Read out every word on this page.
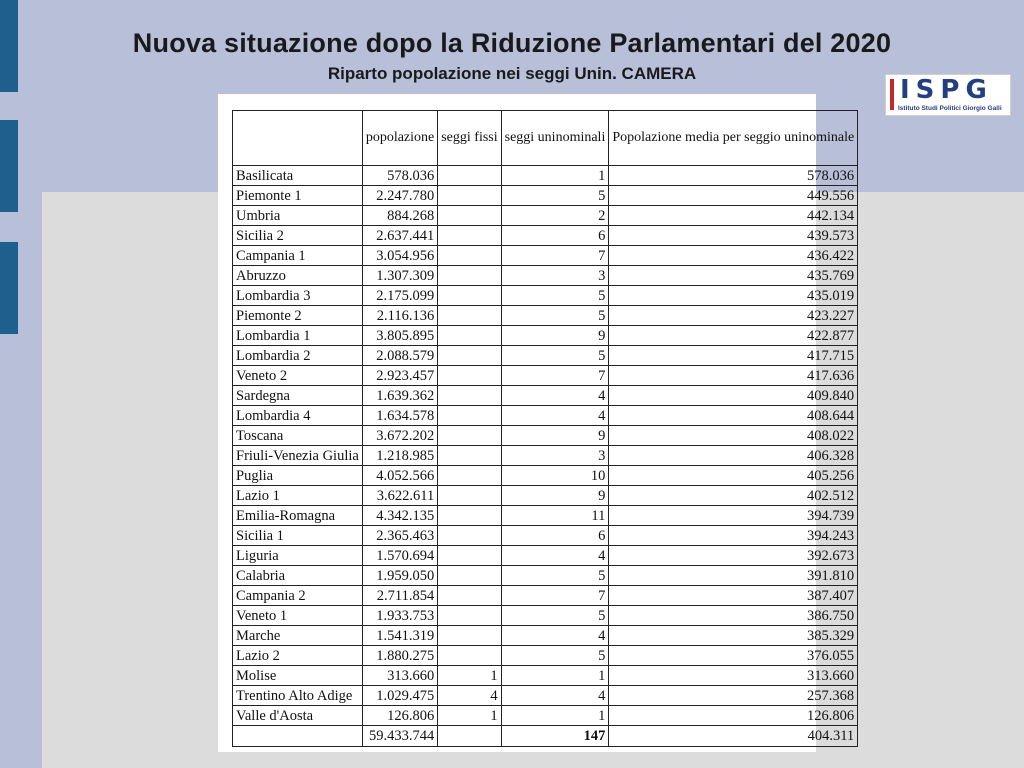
Nuova situazione dopo la Riduzione Parlamentari del 2020
Riparto popolazione nei seggi Unin. CAMERA
ISPG
Istituto Studi Politici Giorgio Galli
	popolazione	seggi fissi	seggi uninominali	Popolazione media per seggio uninominale
Basilicata	578.036		1	578.036
Piemonte 1	2.247.780		5	449.556
Umbria	884.268		2	442.134
Sicilia 2	2.637.441		6	439.573
Campania 1	3.054.956		7	436.422
Abruzzo	1.307.309		3	435.769
Lombardia 3	2.175.099		5	435.019
Piemonte 2	2.116.136		5	423.227
Lombardia 1	3.805.895		9	422.877
Lombardia 2	2.088.579		5	417.715
Veneto 2	2.923.457		7	417.636
Sardegna	1.639.362		4	409.840
Lombardia 4	1.634.578		4	408.644
Toscana	3.672.202		9	408.022
Friuli-Venezia Giulia	1.218.985		3	406.328
Puglia	4.052.566		10	405.256
Lazio 1	3.622.611		9	402.512
Emilia-Romagna	4.342.135		11	394.739
Sicilia 1	2.365.463		6	394.243
Liguria	1.570.694		4	392.673
Calabria	1.959.050		5	391.810
Campania 2	2.711.854		7	387.407
Veneto 1	1.933.753		5	386.750
Marche	1.541.319		4	385.329
Lazio 2	1.880.275		5	376.055
Molise	313.660	1	1	313.660
Trentino Alto Adige	1.029.475	4	4	257.368
Valle d'Aosta	126.806	1	1	126.806
	59.433.744		147	404.311
